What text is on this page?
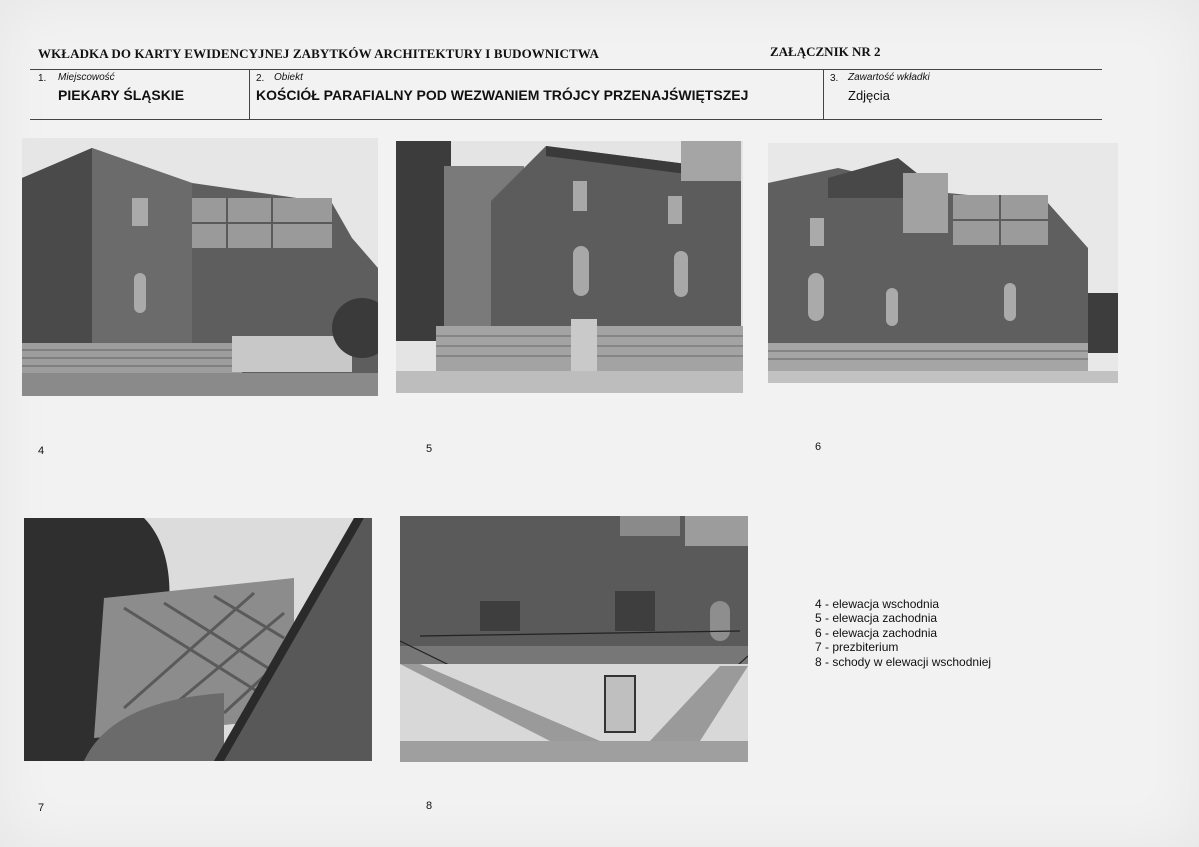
WKŁADKA DO KARTY EWIDENCYJNEJ ZABYTKÓW ARCHITEKTURY I BUDOWNICTWA	ZAŁĄCZNIK NR 2
1. Miejscowość
PIEKARY ŚLĄSKIE
2. Obiekt
KOŚCIÓŁ PARAFIALNY POD WEZWANIEM TRÓJCY PRZENAJŚWIĘTSZEJ
3. Zawartość wkładki
Zdjęcia
4	5	6
7	8
4 - elewacja wschodnia
5 - elewacja zachodnia
6 - elewacja zachodnia
7 - prezbiterium
8 - schody w elewacji wschodniej
